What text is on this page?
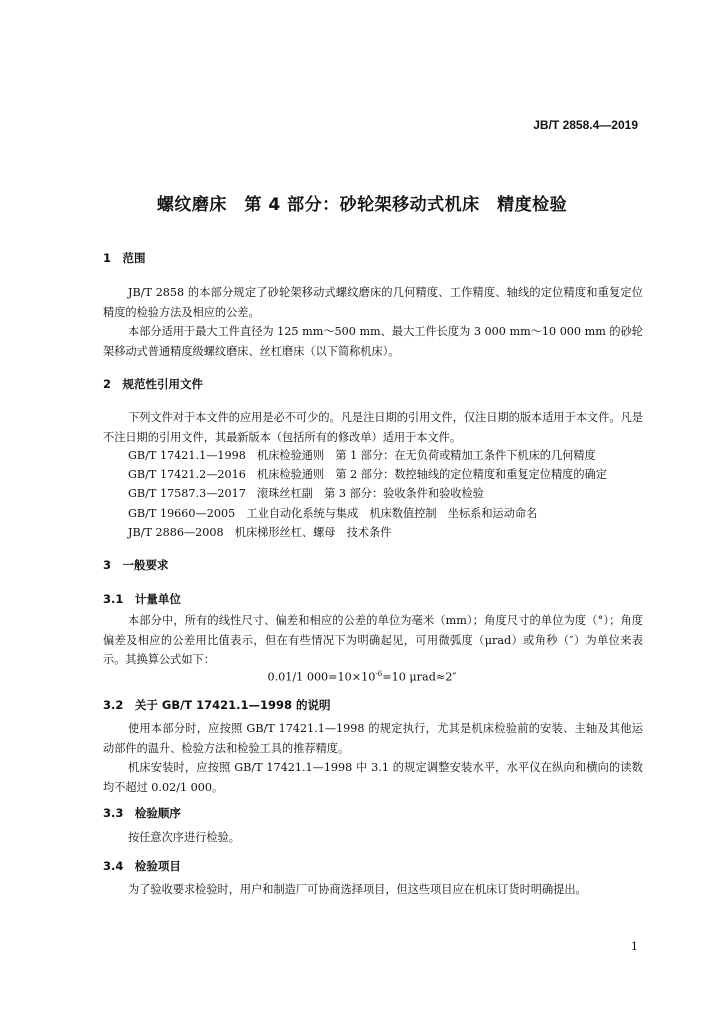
JB/T 2858.4—2019
螺纹磨床　第 4 部分：砂轮架移动式机床　精度检验
1　范围
JB/T 2858 的本部分规定了砂轮架移动式螺纹磨床的几何精度、工作精度、轴线的定位精度和重复定位精度的检验方法及相应的公差。
本部分适用于最大工件直径为 125 mm～500 mm、最大工件长度为 3 000 mm～10 000 mm 的砂轮架移动式普通精度级螺纹磨床、丝杠磨床（以下简称机床）。
2　规范性引用文件
下列文件对于本文件的应用是必不可少的。凡是注日期的引用文件，仅注日期的版本适用于本文件。凡是不注日期的引用文件，其最新版本（包括所有的修改单）适用于本文件。
GB/T 17421.1—1998　机床检验通则　第 1 部分：在无负荷或精加工条件下机床的几何精度
GB/T 17421.2—2016　机床检验通则　第 2 部分：数控轴线的定位精度和重复定位精度的确定
GB/T 17587.3—2017　滚珠丝杠副　第 3 部分：验收条件和验收检验
GB/T 19660—2005　工业自动化系统与集成　机床数值控制　坐标系和运动命名
JB/T 2886—2008　机床梯形丝杠、螺母　技术条件
3　一般要求
3.1　计量单位
本部分中，所有的线性尺寸、偏差和相应的公差的单位为毫米（mm）；角度尺寸的单位为度（°）；角度偏差及相应的公差用比值表示，但在有些情况下为明确起见，可用微弧度（μrad）或角秒（″）为单位来表示。其换算公式如下：
0.01/1 $000=10\times 10^{-6}=10$ μrad≈2″
3.2　关于 GB/T 17421.1—1998 的说明
使用本部分时，应按照 GB/T 17421.1—1998 的规定执行，尤其是机床检验前的安装、主轴及其他运动部件的温升、检验方法和检验工具的推荐精度。
机床安装时，应按照 GB/T 17421.1—1998 中 3.1 的规定调整安装水平，水平仪在纵向和横向的读数均不超过 0.02/1 000。
3.3　检验顺序
按任意次序进行检验。
3.4　检验项目
为了验收要求检验时，用户和制造厂可协商选择项目，但这些项目应在机床订货时明确提出。
1
